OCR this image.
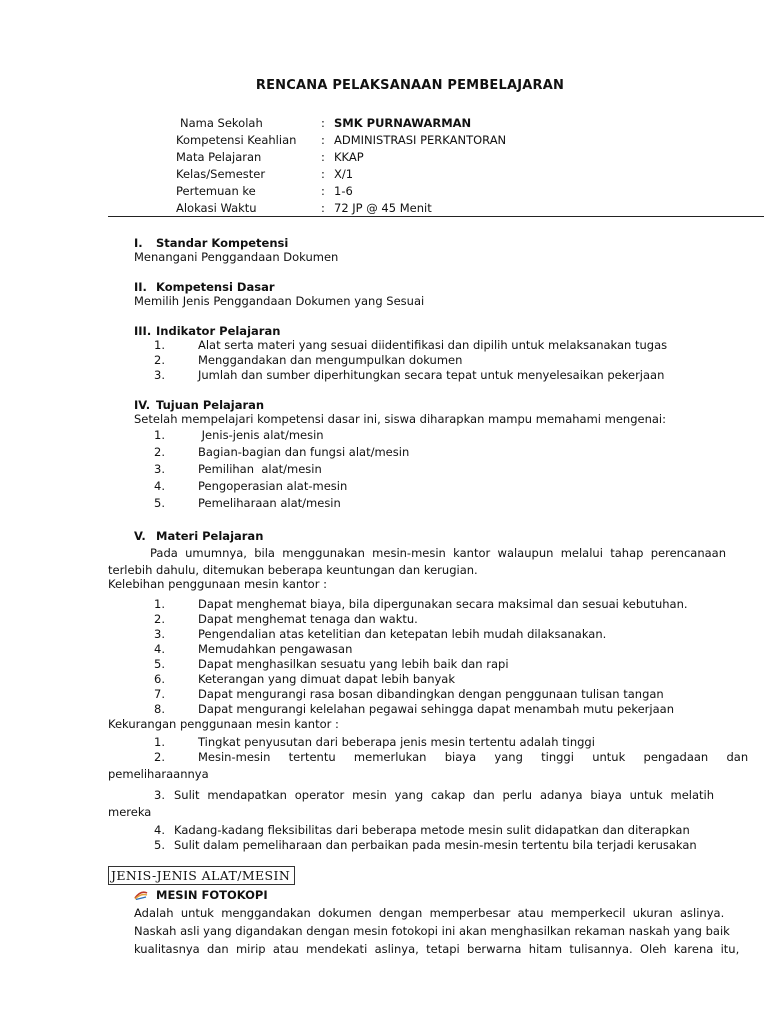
RENCANA PELAKSANAAN PEMBELAJARAN
Nama Sekolah	: SMK PURNAWARMAN
Kompetensi Keahlian : ADMINISTRASI PERKANTORAN
Mata Pelajaran	: KKAP
Kelas/Semester	: X/1
Pertemuan ke	: 1-6
Alokasi Waktu	: 72 JP @ 45 Menit
I. Standar Kompetensi
Menangani Penggandaan Dokumen
II. Kompetensi Dasar
Memilih Jenis Penggandaan Dokumen yang Sesuai
III. Indikator Pelajaran
1.	Alat serta materi yang sesuai diidentifikasi dan dipilih untuk melaksanakan tugas
2.	Menggandakan dan mengumpulkan dokumen
3.	Jumlah dan sumber diperhitungkan secara tepat untuk menyelesaikan pekerjaan
IV. Tujuan Pelajaran
Setelah mempelajari kompetensi dasar ini, siswa diharapkan mampu memahami mengenai:
1.	Jenis-jenis alat/mesin
2.	Bagian-bagian dan fungsi alat/mesin
3.	Pemilihan  alat/mesin
4.	Pengoperasian alat-mesin
5.	Pemeliharaan alat/mesin
V. Materi Pelajaran
Pada umumnya, bila menggunakan mesin-mesin kantor walaupun melalui tahap perencanaan
terlebih dahulu, ditemukan beberapa keuntungan dan kerugian.
Kelebihan penggunaan mesin kantor :
1.	Dapat menghemat biaya, bila dipergunakan secara maksimal dan sesuai kebutuhan.
2.	Dapat menghemat tenaga dan waktu.
3.	Pengendalian atas ketelitian dan ketepatan lebih mudah dilaksanakan.
4.	Memudahkan pengawasan
5.	Dapat menghasilkan sesuatu yang lebih baik dan rapi
6.	Keterangan yang dimuat dapat lebih banyak
7.	Dapat mengurangi rasa bosan dibandingkan dengan penggunaan tulisan tangan
8.	Dapat mengurangi kelelahan pegawai sehingga dapat menambah mutu pekerjaan
Kekurangan penggunaan mesin kantor :
1.	Tingkat penyusutan dari beberapa jenis mesin tertentu adalah tinggi
2.	Mesin-mesin     tertentu     memerlukan     biaya     yang     tinggi     untuk     pengadaan     dan
pemeliharaannya
3. Sulit  mendapatkan  operator  mesin  yang  cakap  dan  perlu  adanya  biaya  untuk  melatih
mereka
4. Kadang-kadang fleksibilitas dari beberapa metode mesin sulit didapatkan dan diterapkan
5. Sulit dalam pemeliharaan dan perbaikan pada mesin-mesin tertentu bila terjadi kerusakan
JENIS-JENIS ALAT/MESIN
MESIN FOTOKOPI
Adalah  untuk  menggandakan  dokumen  dengan  memperbesar  atau  memperkecil  ukuran  aslinya.
Naskah asli yang digandakan dengan mesin fotokopi ini akan menghasilkan rekaman naskah yang baik
kualitasnya  dan  mirip  atau  mendekati  aslinya,  tetapi  berwarna  hitam  tulisannya.  Oleh  karena  itu,
